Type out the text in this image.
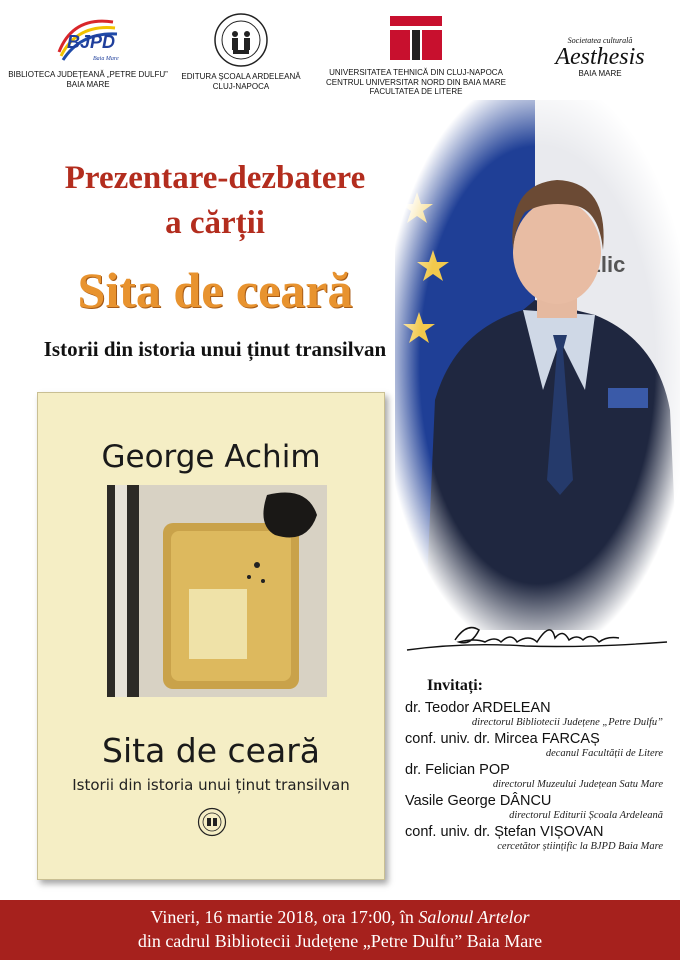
BJPD
Baia Mare
BIBLIOTECA JUDEȚEANĂ „PETRE DULFU”
BAIA MARE
EDITURA ȘCOALA ARDELEANĂ
CLUJ-NAPOCA
UNIVERSITATEA TEHNICĂ DIN CLUJ-NAPOCA
CENTRUL UNIVERSITAR NORD DIN BAIA MARE
FACULTATEA DE LITERE
Societatea culturală
Aesthesis
BAIA MARE
Prezentare-dezbatere
a cărții
Sita de ceară
Istorii din istoria unui ținut transilvan
George Achim
Sita de ceară
Istorii din istoria unui ținut transilvan
Invitați:
dr. Teodor ARDELEAN
directorul Bibliotecii Județene „Petre Dulfu”
conf. univ. dr. Mircea FARCAȘ
decanul Facultății de Litere
dr. Felician POP
directorul Muzeului Județean Satu Mare
Vasile George DÂNCU
directorul Editurii Școala Ardeleană
conf. univ. dr. Ștefan VIȘOVAN
cercetător științific la BJPD Baia Mare
Vineri, 16 martie 2018, ora 17:00, în Salonul Artelor
din cadrul Bibliotecii Județene „Petre Dulfu” Baia Mare
